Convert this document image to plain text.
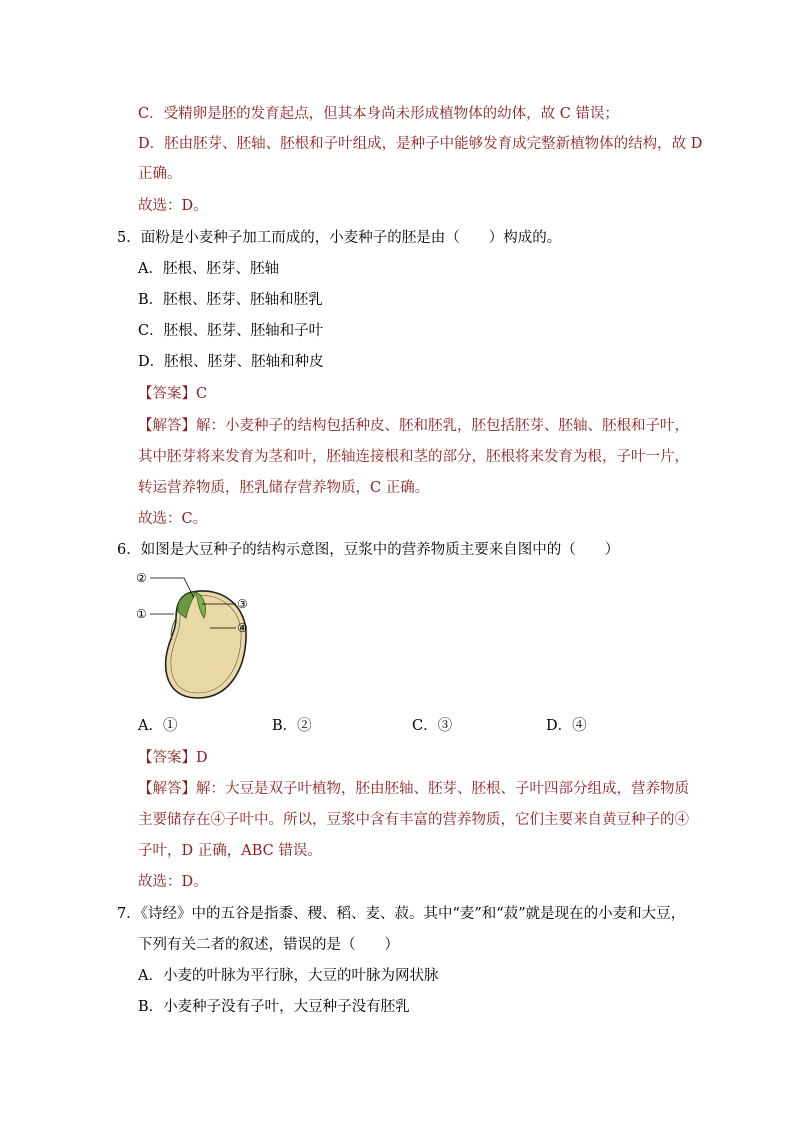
C．受精卵是胚的发育起点，但其本身尚未形成植物体的幼体，故 C 错误；
D．胚由胚芽、胚轴、胚根和子叶组成，是种子中能够发育成完整新植物体的结构，故 D
正确。
故选：D。
5．面粉是小麦种子加工而成的，小麦种子的胚是由（　　）构成的。
A．胚根、胚芽、胚轴
B．胚根、胚芽、胚轴和胚乳
C．胚根、胚芽、胚轴和子叶
D．胚根、胚芽、胚轴和种皮
【答案】C
【解答】解：小麦种子的结构包括种皮、胚和胚乳，胚包括胚芽、胚轴、胚根和子叶，
其中胚芽将来发育为茎和叶，胚轴连接根和茎的部分，胚根将来发育为根，子叶一片，
转运营养物质，胚乳储存营养物质，C 正确。
故选：C。
6．如图是大豆种子的结构示意图，豆浆中的营养物质主要来自图中的（　　）
②
①
③
④
A．①	B．②	C．③	D．④
【答案】D
【解答】解：大豆是双子叶植物，胚由胚轴、胚芽、胚根、子叶四部分组成，营养物质
主要储存在④子叶中。所以，豆浆中含有丰富的营养物质，它们主要来自黄豆种子的④
子叶，D 正确，ABC 错误。
故选：D。
7．《诗经》中的五谷是指黍、稷、稻、麦、菽。其中“麦”和“菽”就是现在的小麦和大豆，
下列有关二者的叙述，错误的是（　　）
A．小麦的叶脉为平行脉，大豆的叶脉为网状脉
B．小麦种子没有子叶，大豆种子没有胚乳
